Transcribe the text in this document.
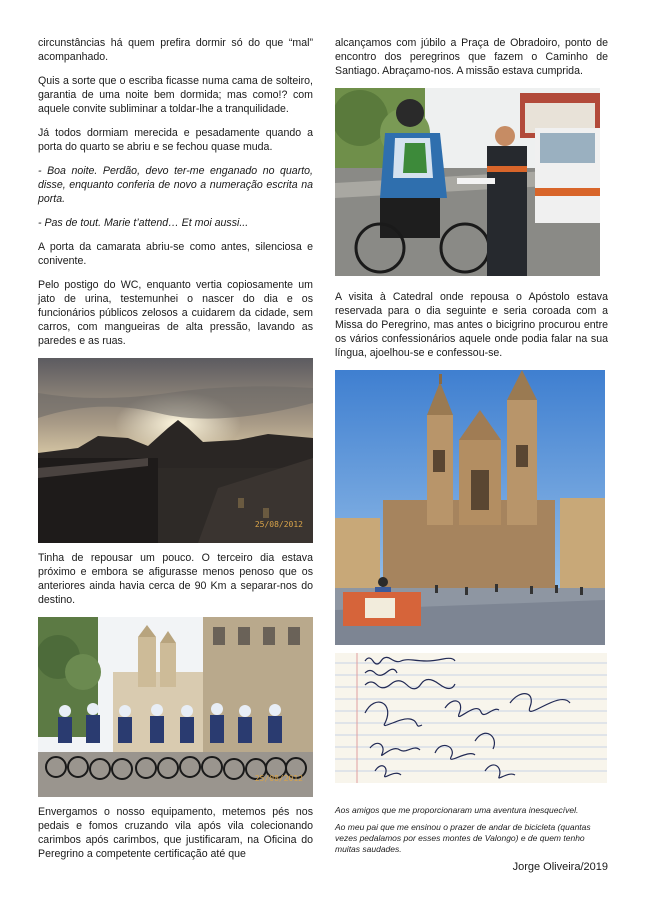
circunstâncias há quem prefira dormir só do que “mal” acompanhado.

Quis a sorte que o escriba ficasse numa cama de solteiro, garantia de uma noite bem dormida; mas como!? com aquele convite subliminar a toldar-lhe a tranquilidade.

Já todos dormiam merecida e pesadamente quando a porta do quarto se abriu e se fechou quase muda.

- Boa noite. Perdão, devo ter-me enganado no quarto, disse, enquanto conferia de novo a numeração escrita na porta.

- Pas de tout. Marie t’attend… Et moi aussi...

A porta da camarata abriu-se como antes, silenciosa e conivente.

Pelo postigo do WC, enquanto vertia copiosamente um jato de urina, testemunhei o nascer do dia e os funcionários públicos zelosos a cuidarem da cidade, sem carros, com mangueiras de alta pressão, lavando as paredes e as ruas.

25/08/2012

Tinha de repousar um pouco. O terceiro dia estava próximo e embora se afigurasse menos penoso que os anteriores ainda havia cerca de 90 Km a separar-nos do destino.

25/08/2012

Envergamos o nosso equipamento, metemos pés nos pedais e fomos cruzando vila após vila colecionando carimbos após carimbos, que justificaram, na Oficina do Peregrino a competente certificação até que

alcançamos com júbilo a Praça de Obradoiro, ponto de encontro dos peregrinos que fazem o Caminho de Santiago. Abraçamo-nos. A missão estava cumprida.

A visita à Catedral onde repousa o Apóstolo estava reservada para o dia seguinte e seria coroada com a Missa do Peregrino, mas antes o bicigrino procurou entre os vários confessionários aquele onde podia falar na sua língua, ajoelhou-se e confessou-se.

Aos amigos que me proporcionaram uma aventura inesquecível.
Ao meu pai que me ensinou o prazer de andar de bicicleta (quantas vezes pedalamos por esses montes de Valongo) e de quem tenho muitas saudades.
Jorge Oliveira/2019
